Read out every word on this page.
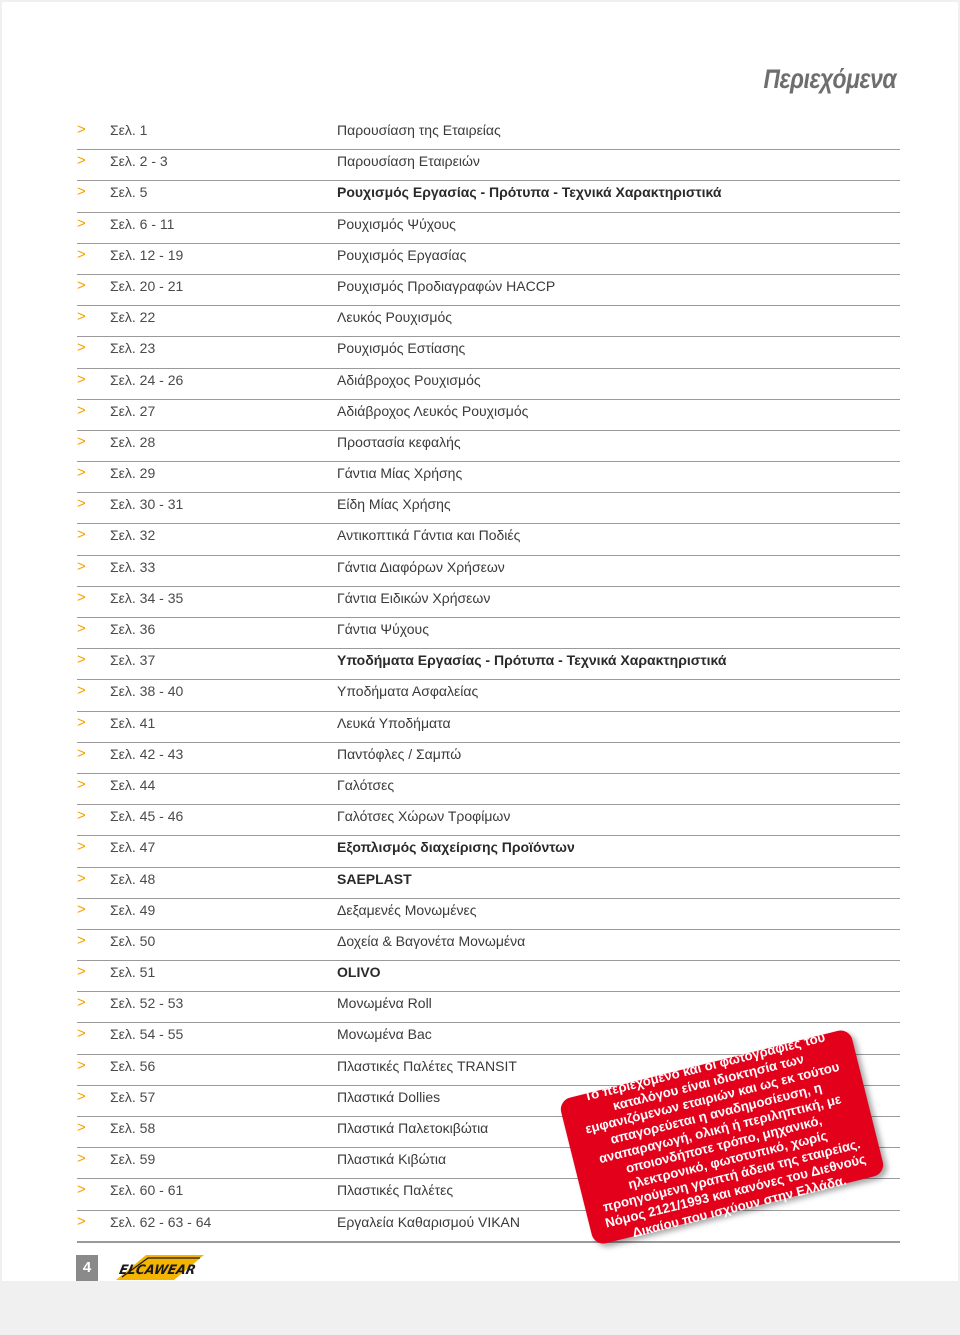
Περιεχόμενα
> Σελ. 1	Παρουσίαση της Εταιρείας
> Σελ. 2 - 3	Παρουσίαση Εταιρειών
> Σελ. 5	Ρουχισμός Εργασίας - Πρότυπα - Τεχνικά Χαρακτηριστικά
> Σελ. 6 - 11	Ρουχισμός Ψύχους
> Σελ. 12 - 19	Ρουχισμός Εργασίας
> Σελ. 20 - 21	Ρουχισμός Προδιαγραφών HACCP
> Σελ. 22	Λευκός Ρουχισμός
> Σελ. 23	Ρουχισμός Εστίασης
> Σελ. 24 - 26	Αδιάβροχος Ρουχισμός
> Σελ. 27	Αδιάβροχος Λευκός Ρουχισμός
> Σελ. 28	Προστασία κεφαλής
> Σελ. 29	Γάντια Μίας Χρήσης
> Σελ. 30 - 31	Είδη Μίας Χρήσης
> Σελ. 32	Αντικοπτικά Γάντια και Ποδιές
> Σελ. 33	Γάντια Διαφόρων Χρήσεων
> Σελ. 34 - 35	Γάντια Ειδικών Χρήσεων
> Σελ. 36	Γάντια Ψύχους
> Σελ. 37	Υποδήματα Εργασίας - Πρότυπα - Τεχνικά Χαρακτηριστικά
> Σελ. 38 - 40	Υποδήματα Ασφαλείας
> Σελ. 41	Λευκά Υποδήματα
> Σελ. 42 - 43	Παντόφλες / Σαμπώ
> Σελ. 44	Γαλότσες
> Σελ. 45 - 46	Γαλότσες Χώρων Τροφίμων
> Σελ. 47	Εξοπλισμός διαχείρισης Προϊόντων
> Σελ. 48	SAEPLAST
> Σελ. 49	Δεξαμενές Μονωμένες
> Σελ. 50	Δοχεία & Βαγονέτα Μονωμένα
> Σελ. 51	OLIVO
> Σελ. 52 - 53	Μονωμένα Roll
> Σελ. 54 - 55	Μονωμένα Bac
> Σελ. 56	Πλαστικές Παλέτες TRANSIT
> Σελ. 57	Πλαστικά Dollies
> Σελ. 58	Πλαστικά Παλετοκιβώτια
> Σελ. 59	Πλαστικά Κιβώτια
> Σελ. 60 - 61	Πλαστικές Παλέτες
> Σελ. 62 - 63 - 64	Εργαλεία Καθαρισμού VIKAN
4	ELCAWEAR
Το περιεχόμενο και οι φωτογραφίες του καταλόγου είναι ιδιοκτησία των εμφανιζόμενων εταιριών και ως εκ τούτου απαγορεύεται η αναδημοσίευση, η αναπαραγωγή, ολική ή περιληπτική, με οποιονδήποτε τρόπο, μηχανικό, ηλεκτρονικό, φωτοτυπικό, χωρίς προηγούμενη γραπτή άδεια της εταιρείας. Νόμος 2121/1993 και κανόνες του Διεθνούς Δικαίου που ισχύουν στην Ελλάδα.
